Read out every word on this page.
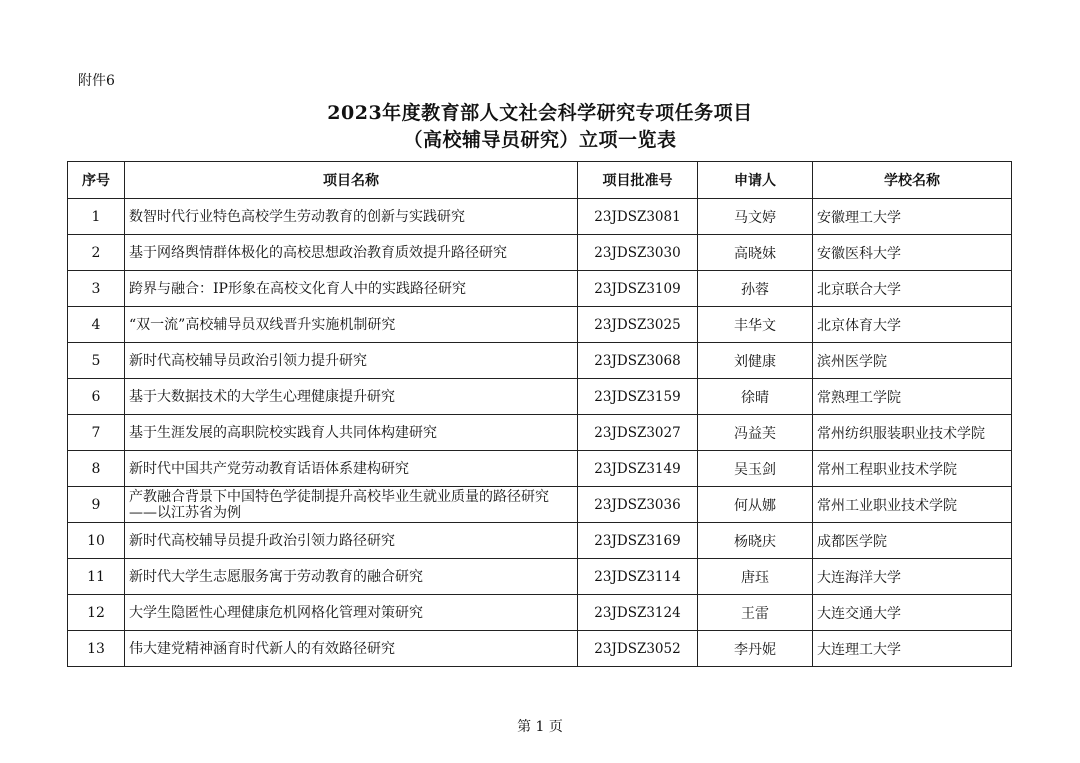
附件6
2023年度教育部人文社会科学研究专项任务项目
（高校辅导员研究）立项一览表
序号	项目名称	项目批准号	申请人	学校名称
1	数智时代行业特色高校学生劳动教育的创新与实践研究	23JDSZ3081	马文婷	安徽理工大学
2	基于网络舆情群体极化的高校思想政治教育质效提升路径研究	23JDSZ3030	高晓妹	安徽医科大学
3	跨界与融合：IP形象在高校文化育人中的实践路径研究	23JDSZ3109	孙蓉	北京联合大学
4	“双一流”高校辅导员双线晋升实施机制研究	23JDSZ3025	丰华文	北京体育大学
5	新时代高校辅导员政治引领力提升研究	23JDSZ3068	刘健康	滨州医学院
6	基于大数据技术的大学生心理健康提升研究	23JDSZ3159	徐晴	常熟理工学院
7	基于生涯发展的高职院校实践育人共同体构建研究	23JDSZ3027	冯益芙	常州纺织服装职业技术学院
8	新时代中国共产党劳动教育话语体系建构研究	23JDSZ3149	吴玉剑	常州工程职业技术学院
9	产教融合背景下中国特色学徒制提升高校毕业生就业质量的路径研究——以江苏省为例	23JDSZ3036	何从娜	常州工业职业技术学院
10	新时代高校辅导员提升政治引领力路径研究	23JDSZ3169	杨晓庆	成都医学院
11	新时代大学生志愿服务寓于劳动教育的融合研究	23JDSZ3114	唐珏	大连海洋大学
12	大学生隐匿性心理健康危机网格化管理对策研究	23JDSZ3124	王雷	大连交通大学
13	伟大建党精神涵育时代新人的有效路径研究	23JDSZ3052	李丹妮	大连理工大学
第 1 页
